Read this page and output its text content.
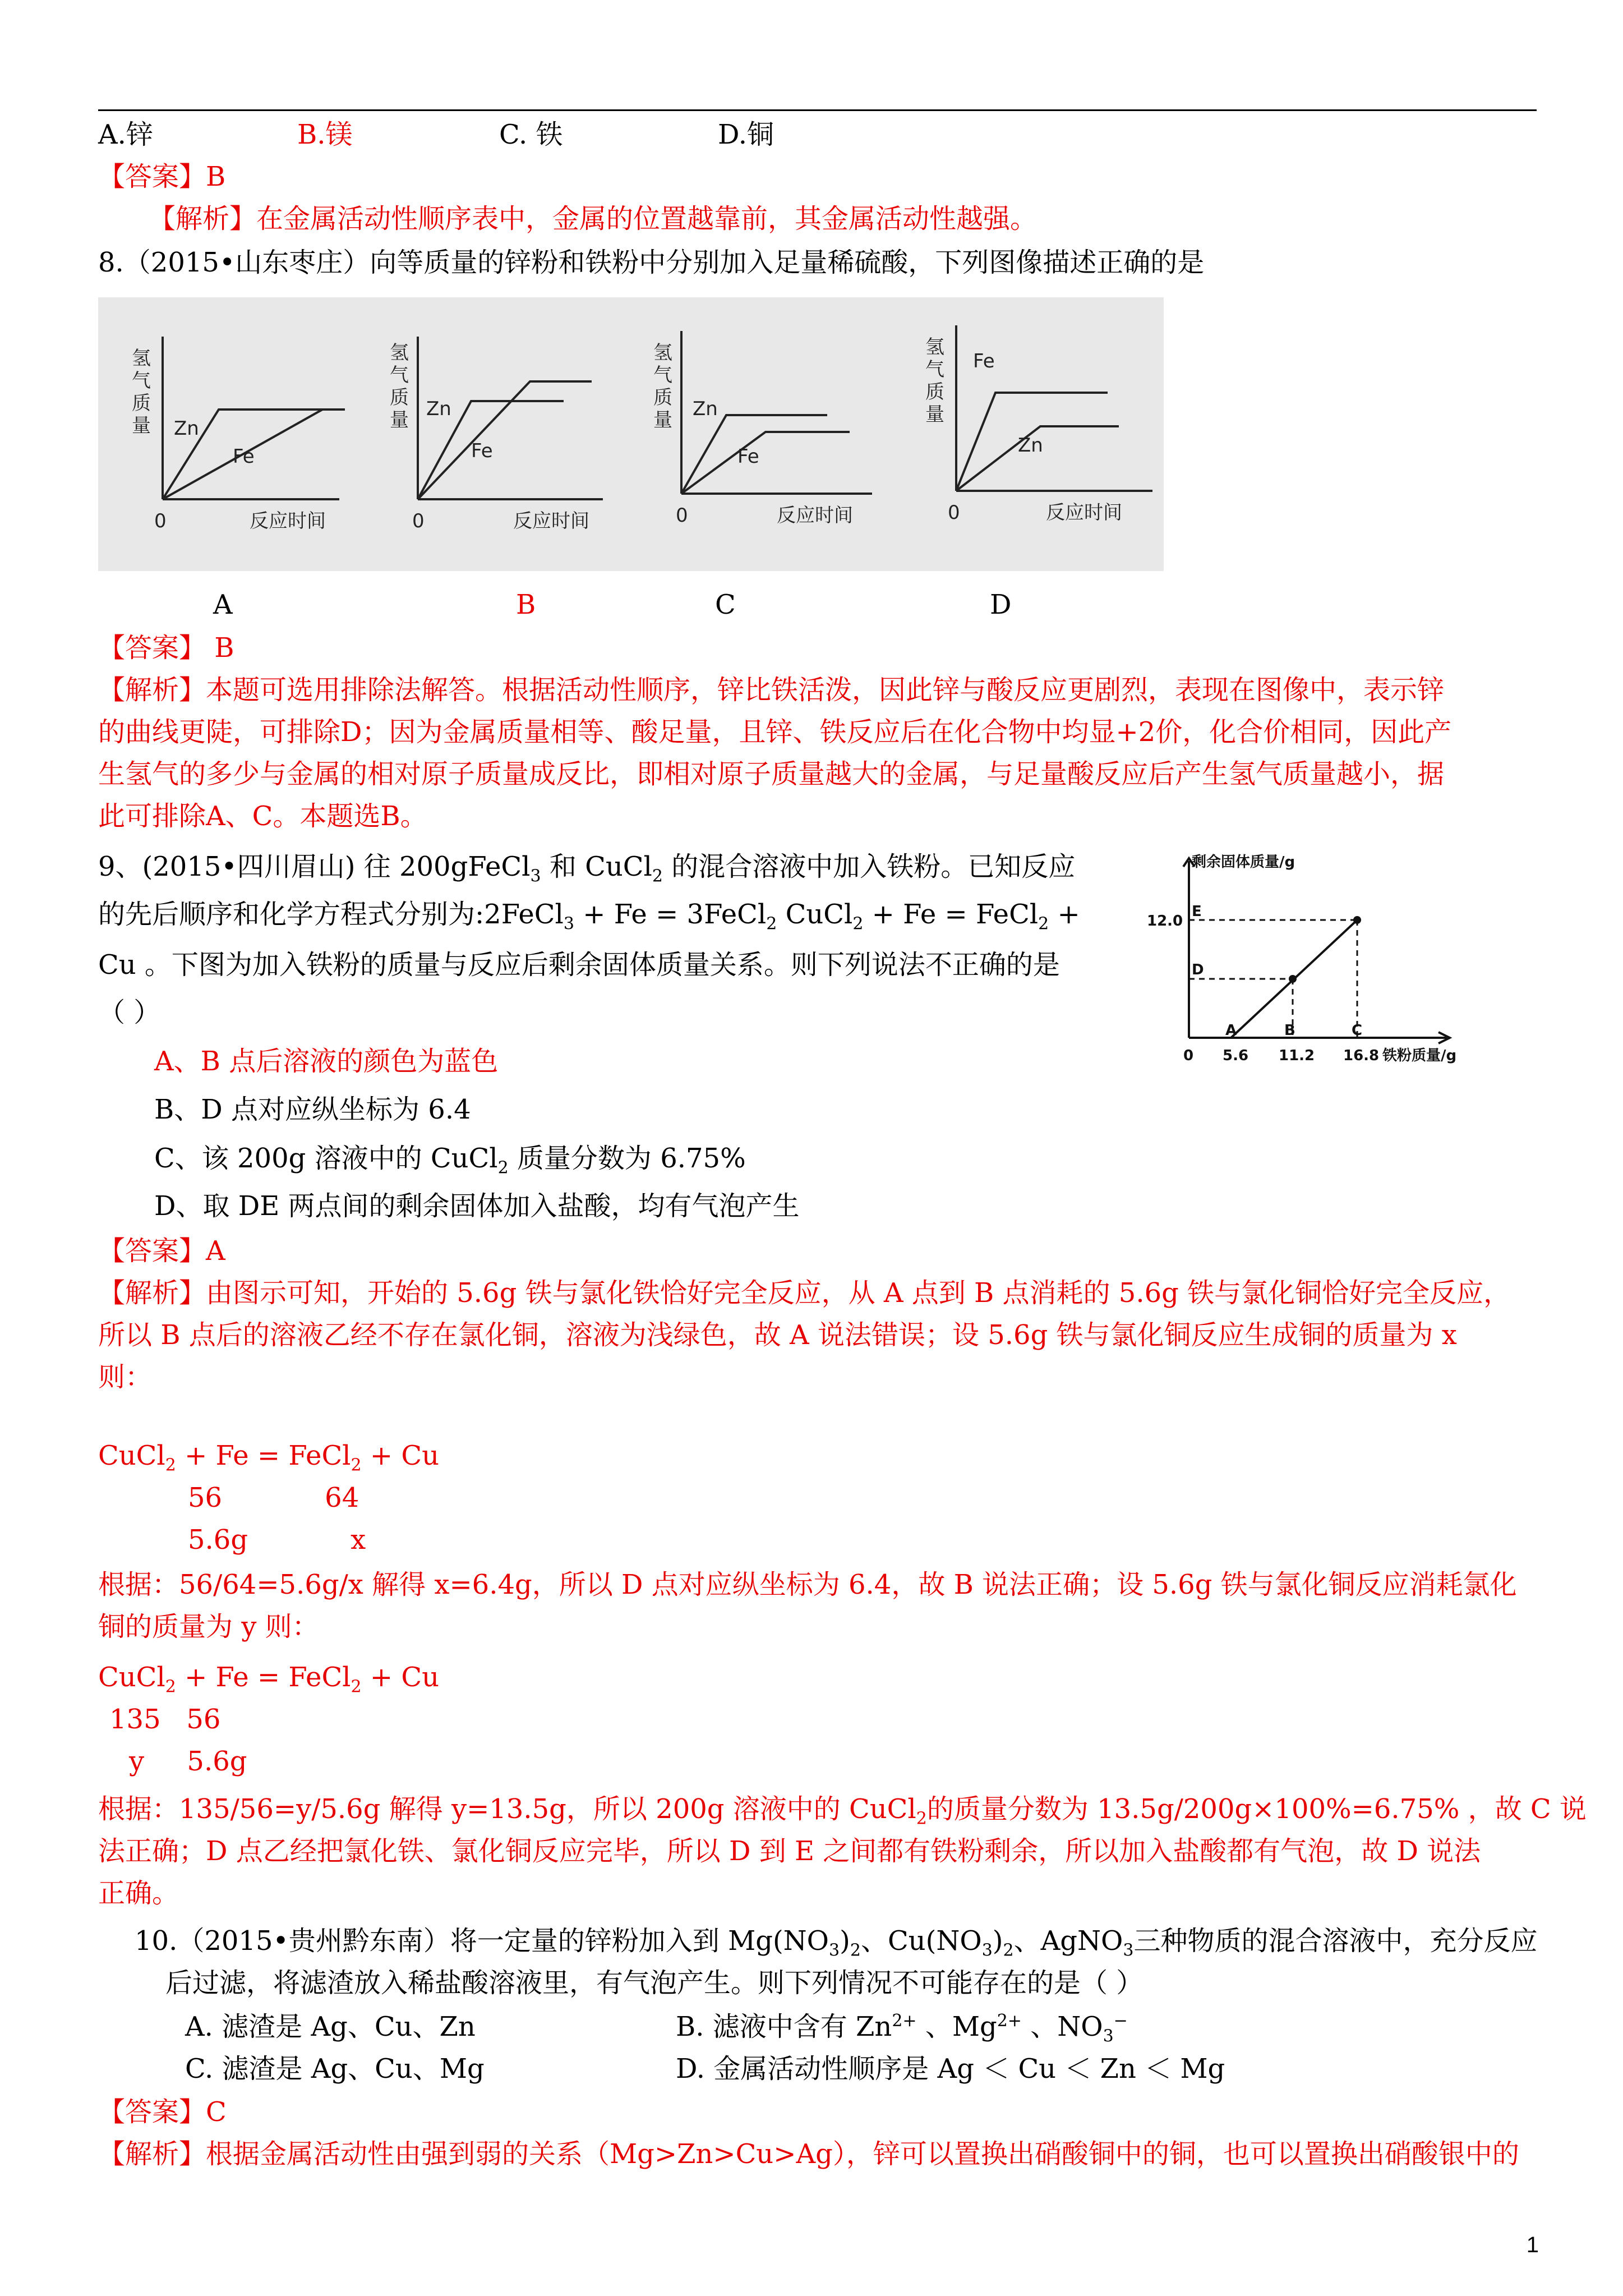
A.锌	B.镁	C. 铁	D.铜
【答案】B
【解析】在金属活动性顺序表中，金属的位置越靠前，其金属活动性越强。
8.（2015•山东枣庄）向等质量的锌粉和铁粉中分别加入足量稀硫酸，下列图像描述正确的是
氢
气
质
量 Zn
Fe
0	反应时间
氢
气
质
量 Zn
Fe
0	反应时间
氢
气
质
量 Zn
Fe
0	反应时间
氢
气
质
量
Fe
Zn
0	反应时间
A	B	C	D
【答案】 B
【解析】本题可选用排除法解答。根据活动性顺序，锌比铁活泼，因此锌与酸反应更剧烈，表现在图像中，表示锌
的曲线更陡，可排除D；因为金属质量相等、酸足量，且锌、铁反应后在化合物中均显+2价，化合价相同，因此产
生氢气的多少与金属的相对原子质量成反比，即相对原子质量越大的金属，与足量酸反应后产生氢气质量越小，据
此可排除A、C。本题选B。
9、(2015•四川眉山) 往 200gFeCl$_3$ 和 CuCl$_2$ 的混合溶液中加入铁粉。已知反应
的先后顺序和化学方程式分别为:2FeCl$_3$ + Fe = 3FeCl$_2$ CuCl$_2$ + Fe = FeCl$_2$ +
Cu 。下图为加入铁粉的质量与反应后剩余固体质量关系。则下列说法不正确的是
（ ）
剩余固体质量/g
12.0
E
D
A	B	C
0 5.6 11.2 16.8 铁粉质量/g
A、B 点后溶液的颜色为蓝色
B、D 点对应纵坐标为 6.4
C、该 200g 溶液中的 CuCl$_2$ 质量分数为 6.75%
D、取 DE 两点间的剩余固体加入盐酸，均有气泡产生
【答案】A
【解析】由图示可知，开始的 5.6g 铁与氯化铁恰好完全反应，从 A 点到 B 点消耗的 5.6g 铁与氯化铜恰好完全反应，
所以 B 点后的溶液乙经不存在氯化铜，溶液为浅绿色，故 A 说法错误；设 5.6g 铁与氯化铜反应生成铜的质量为 x
则：
CuCl$_2$ + Fe = FeCl$_2$ + Cu
56            64
5.6g            x
根据：56/64=5.6g/x 解得 x=6.4g，所以 D 点对应纵坐标为 6.4，故 B 说法正确；设 5.6g 铁与氯化铜反应消耗氯化
铜的质量为 y 则：
CuCl$_2$ + Fe = FeCl$_2$ + Cu
135   56
y     5.6g
根据：135/56=y/5.6g 解得 y=13.5g，所以 200g 溶液中的 CuCl$_2$的质量分数为 13.5g/200g×100%=6.75% ，故 C 说
法正确；D 点乙经把氯化铁、氯化铜反应完毕，所以 D 到 E 之间都有铁粉剩余，所以加入盐酸都有气泡，故 D 说法
正确。
10.（2015•贵州黔东南）将一定量的锌粉加入到 $Mg(NO_3)_2$、$Cu(NO_3)_2$、AgNO$_3$三种物质的混合溶液中，充分反应
后过滤，将滤渣放入稀盐酸溶液里，有气泡产生。则下列情况不可能存在的是（ ）
A. 滤渣是 Ag、Cu、Zn	B. 滤液中含有 $Zn^{2+}$ 、$Mg^{2+}$ 、$NO_3^-$
C. 滤渣是 Ag、Cu、Mg	D. 金属活动性顺序是 Ag ＜ Cu ＜ Zn ＜ Mg
【答案】C
【解析】根据金属活动性由强到弱的关系（Mg>Zn>Cu>Ag），锌可以置换出硝酸铜中的铜，也可以置换出硝酸银中的
1
